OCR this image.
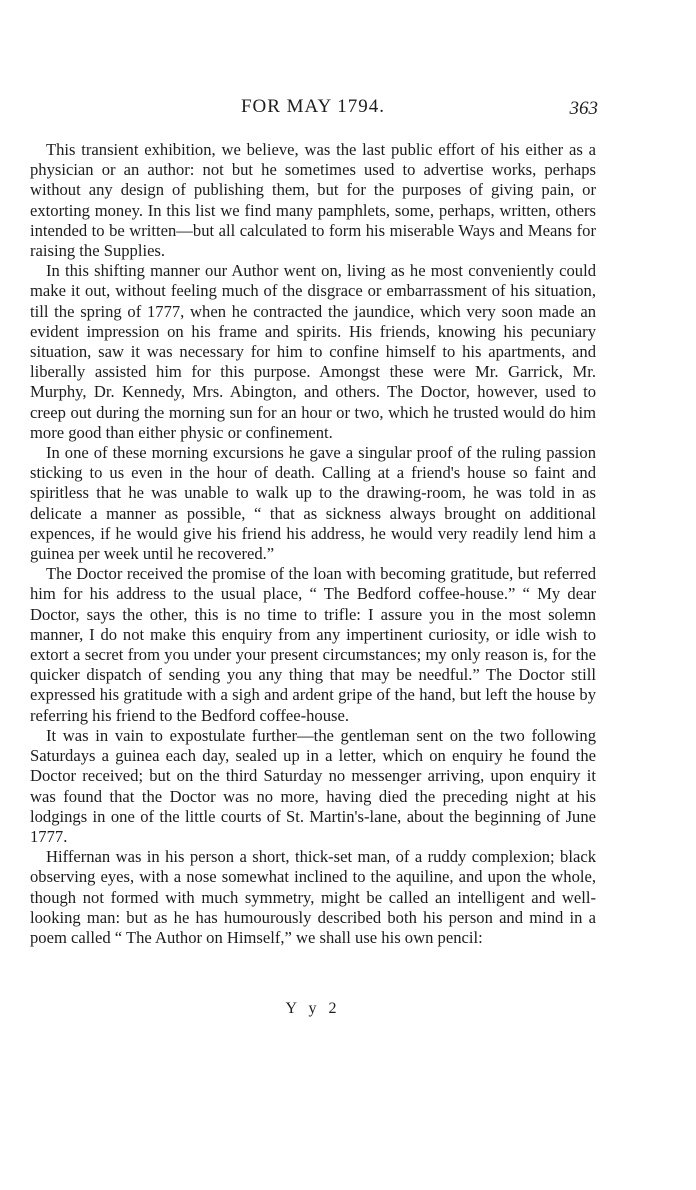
FOR MAY 1794.	363

This transient exhibition, we believe, was the last public effort of his either as a physician or an author: not but he sometimes used to advertise works, perhaps without any design of publishing them, but for the purposes of giving pain, or extorting money. In this list we find many pamphlets, some, perhaps, written, others intended to be written—but all calculated to form his miserable Ways and Means for raising the Supplies.

In this shifting manner our Author went on, living as he most conveniently could make it out, without feeling much of the disgrace or embarrassment of his situation, till the spring of 1777, when he contracted the jaundice, which very soon made an evident impression on his frame and spirits. His friends, knowing his pecuniary situation, saw it was necessary for him to confine himself to his apartments, and liberally assisted him for this purpose. Amongst these were Mr. Garrick, Mr. Murphy, Dr. Kennedy, Mrs. Abington, and others. The Doctor, however, used to creep out during the morning sun for an hour or two, which he trusted would do him more good than either physic or confinement.

In one of these morning excursions he gave a singular proof of the ruling passion sticking to us even in the hour of death. Calling at a friend's house so faint and spiritless that he was unable to walk up to the drawing-room, he was told in as delicate a manner as possible, “ that as sickness always brought on additional expences, if he would give his friend his address, he would very readily lend him a guinea per week until he recovered.”

The Doctor received the promise of the loan with becoming gratitude, but referred him for his address to the usual place, “ The Bedford coffee-house.” “ My dear Doctor, says the other, this is no time to trifle: I assure you in the most solemn manner, I do not make this enquiry from any impertinent curiosity, or idle wish to extort a secret from you under your present circumstances; my only reason is, for the quicker dispatch of sending you any thing that may be needful.” The Doctor still expressed his gratitude with a sigh and ardent gripe of the hand, but left the house by referring his friend to the Bedford coffee-house.

It was in vain to expostulate further—the gentleman sent on the two following Saturdays a guinea each day, sealed up in a letter, which on enquiry he found the Doctor received; but on the third Saturday no messenger arriving, upon enquiry it was found that the Doctor was no more, having died the preceding night at his lodgings in one of the little courts of St. Martin's-lane, about the beginning of June 1777.

Hiffernan was in his person a short, thick-set man, of a ruddy complexion; black observing eyes, with a nose somewhat inclined to the aquiline, and upon the whole, though not formed with much symmetry, might be called an intelligent and well-looking man: but as he has humourously described both his person and mind in a poem called “ The Author on Himself,” we shall use his own pencil:

Y y 2
